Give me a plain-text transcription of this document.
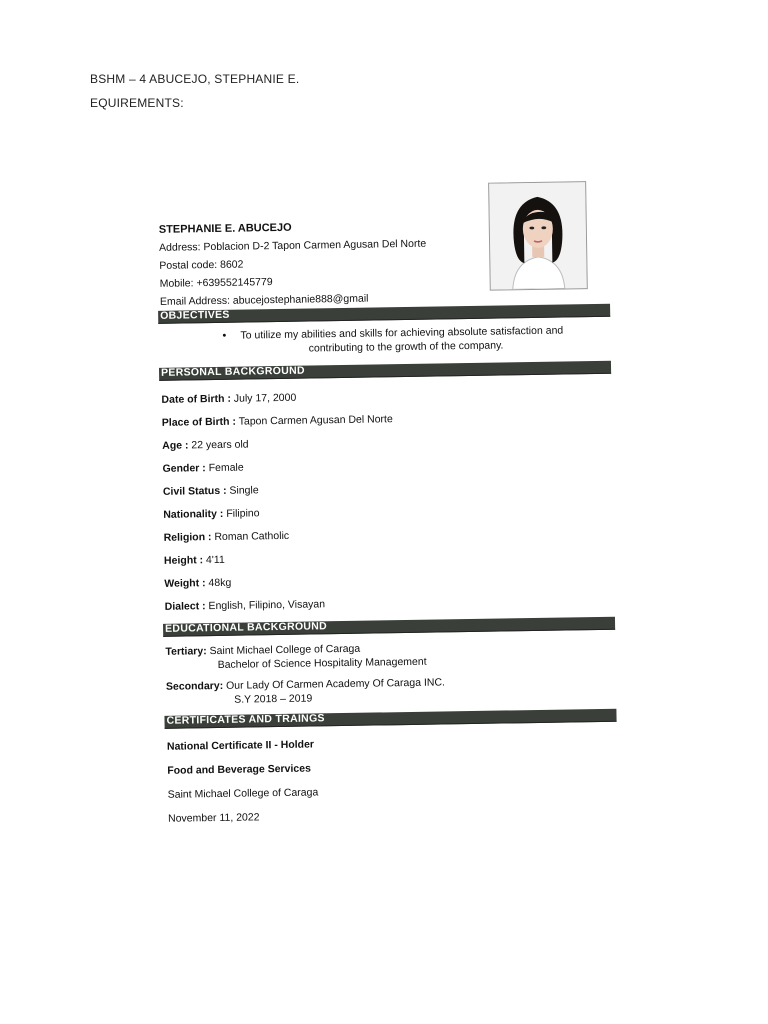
BSHM – 4 ABUCEJO, STEPHANIE E.
EQUIREMENTS:
STEPHANIE E. ABUCEJO
Address: Poblacion D-2 Tapon Carmen Agusan Del Norte
Postal code: 8602
Mobile: +639552145779
Email Address: abucejostephanie888@gmail
OBJECTIVES
• To utilize my abilities and skills for achieving absolute satisfaction and
contributing to the growth of the company.
PERSONAL BACKGROUND
Date of Birth : July 17, 2000
Place of Birth : Tapon Carmen Agusan Del Norte
Age : 22 years old
Gender : Female
Civil Status : Single
Nationality : Filipino
Religion : Roman Catholic
Height : 4'11
Weight : 48kg
Dialect : English, Filipino, Visayan
EDUCATIONAL BACKGROUND
Tertiary: Saint Michael College of Caraga
Bachelor of Science Hospitality Management
Secondary: Our Lady Of Carmen Academy Of Caraga INC.
S.Y 2018 – 2019
CERTIFICATES AND TRAINGS
National Certificate II - Holder
Food and Beverage Services
Saint Michael College of Caraga
November 11, 2022
